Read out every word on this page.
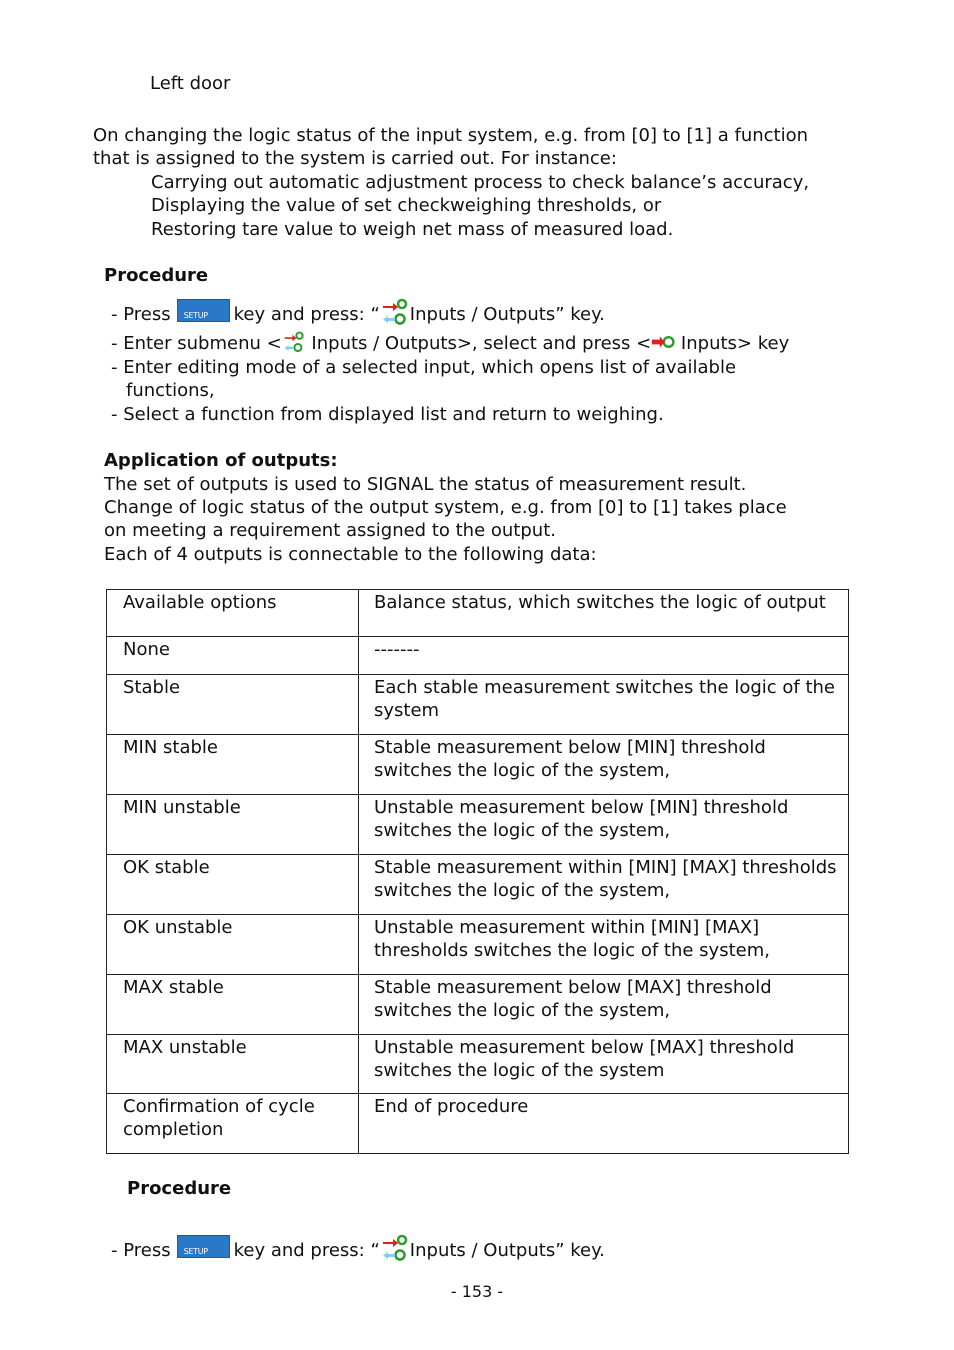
Left door
On changing the logic status of the input system, e.g. from [0] to [1] a function
that is assigned to the system is carried out. For instance:
Carrying out automatic adjustment process to check balance’s accuracy,
Displaying the value of set checkweighing thresholds, or
Restoring tare value to weigh net mass of measured load.
Procedure
- Press SETUP key and press: “ Inputs / Outputs” key.
- Enter submenu < Inputs / Outputs>, select and press < Inputs> key
- Enter editing mode of a selected input, which opens list of available
functions,
- Select a function from displayed list and return to weighing.
Application of outputs:
The set of outputs is used to SIGNAL the status of measurement result.
Change of logic status of the output system, e.g. from [0] to [1] takes place
on meeting a requirement assigned to the output.
Each of 4 outputs is connectable to the following data:
Available options	Balance status, which switches the logic of output
None	-------
Stable	Each stable measurement switches the logic of the system
MIN stable	Stable measurement below [MIN] threshold switches the logic of the system,
MIN unstable	Unstable measurement below [MIN] threshold switches the logic of the system,
OK stable	Stable measurement within [MIN] [MAX] thresholds switches the logic of the system,
OK unstable	Unstable measurement within [MIN] [MAX] thresholds switches the logic of the system,
MAX stable	Stable measurement below [MAX] threshold switches the logic of the system,
MAX unstable	Unstable measurement below [MAX] threshold switches the logic of the system
Confirmation of cycle completion	End of procedure
Procedure
- Press SETUP key and press: “ Inputs / Outputs” key.
- 153 -
